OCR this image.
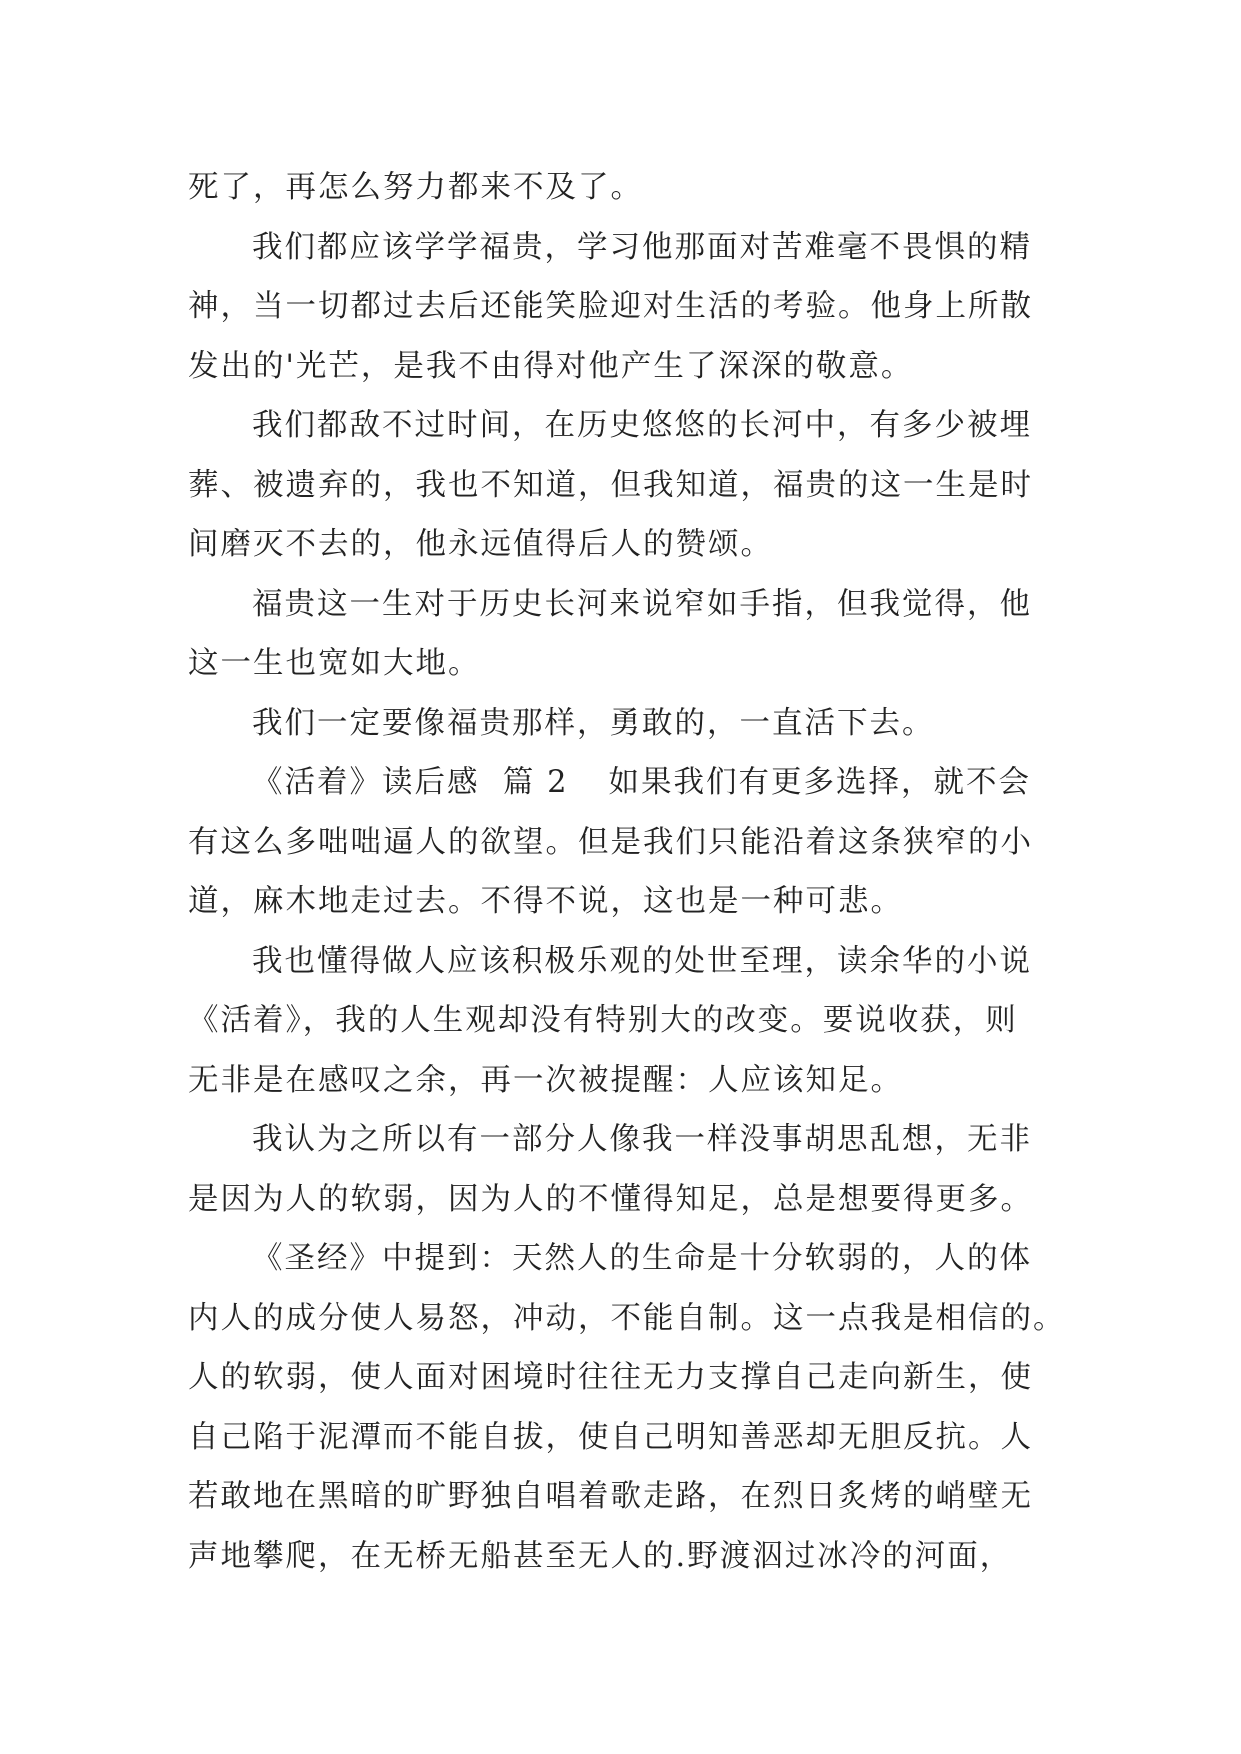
死了，再怎么努力都来不及了。
我们都应该学学福贵，学习他那面对苦难毫不畏惧的精
神，当一切都过去后还能笑脸迎对生活的考验。他身上所散
发出的'光芒，是我不由得对他产生了深深的敬意。
我们都敌不过时间，在历史悠悠的长河中，有多少被埋
葬、被遗弃的，我也不知道，但我知道，福贵的这一生是时
间磨灭不去的，他永远值得后人的赞颂。
福贵这一生对于历史长河来说窄如手指，但我觉得，他
这一生也宽如大地。
我们一定要像福贵那样，勇敢的，一直活下去。
《活着》读后感  篇 2 如果我们有更多选择，就不会
有这么多咄咄逼人的欲望。但是我们只能沿着这条狭窄的小
道，麻木地走过去。不得不说，这也是一种可悲。
我也懂得做人应该积极乐观的处世至理，读余华的小说
《活着》，我的人生观却没有特别大的改变。要说收获，则
无非是在感叹之余，再一次被提醒：人应该知足。
我认为之所以有一部分人像我一样没事胡思乱想，无非
是因为人的软弱，因为人的不懂得知足，总是想要得更多。
《圣经》中提到：天然人的生命是十分软弱的，人的体
内人的成分使人易怒，冲动，不能自制。这一点我是相信的。
人的软弱，使人面对困境时往往无力支撑自己走向新生，使
自己陷于泥潭而不能自拔，使自己明知善恶却无胆反抗。人
若敢地在黑暗的旷野独自唱着歌走路，在烈日炙烤的峭壁无
声地攀爬，在无桥无船甚至无人的.野渡泅过冰冷的河面，
